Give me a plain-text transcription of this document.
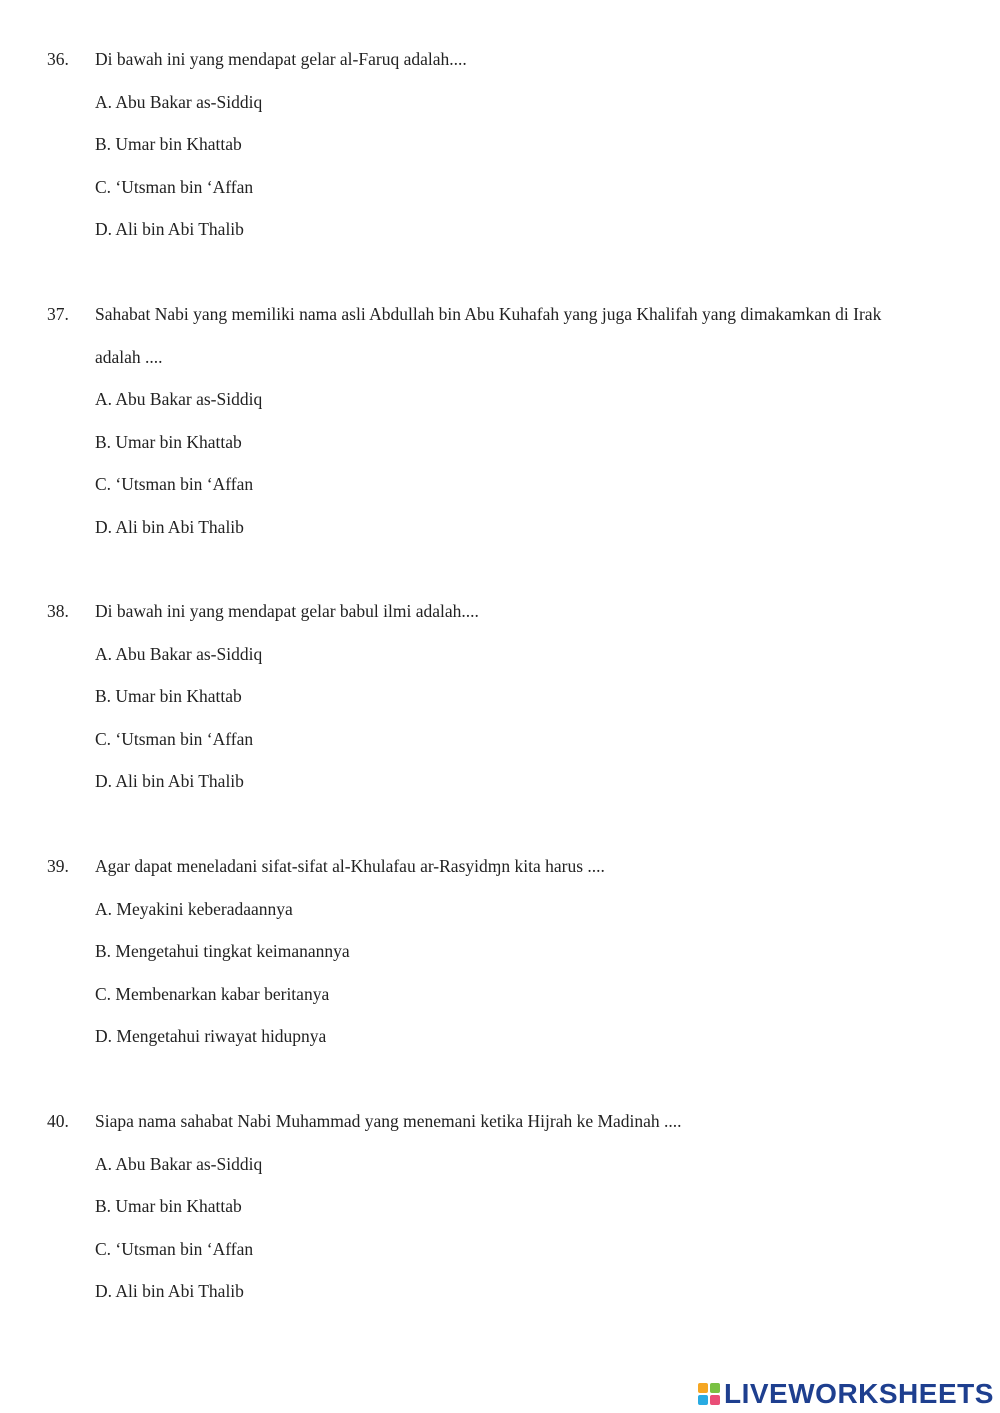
36. Di bawah ini yang mendapat gelar al-Faruq adalah....
A. Abu Bakar as-Siddiq
B. Umar bin Khattab
C. ‘Utsman bin ‘Affan
D. Ali bin Abi Thalib
37. Sahabat Nabi yang memiliki nama asli Abdullah bin Abu Kuhafah yang juga Khalifah yang dimakamkan di Irak
adalah ....
A. Abu Bakar as-Siddiq
B. Umar bin Khattab
C. ‘Utsman bin ‘Affan
D. Ali bin Abi Thalib
38. Di bawah ini yang mendapat gelar babul ilmi adalah....
A. Abu Bakar as-Siddiq
B. Umar bin Khattab
C. ‘Utsman bin ‘Affan
D. Ali bin Abi Thalib
39. Agar dapat meneladani sifat-sifat al-Khulafau ar-Rasyidɱn kita harus ....
A. Meyakini keberadaannya
B. Mengetahui tingkat keimanannya
C. Membenarkan kabar beritanya
D. Mengetahui riwayat hidupnya
40. Siapa nama sahabat Nabi Muhammad yang menemani ketika Hijrah ke Madinah ....
A. Abu Bakar as-Siddiq
B. Umar bin Khattab
C. ‘Utsman bin ‘Affan
D. Ali bin Abi Thalib
LIVEWORKSHEETS
